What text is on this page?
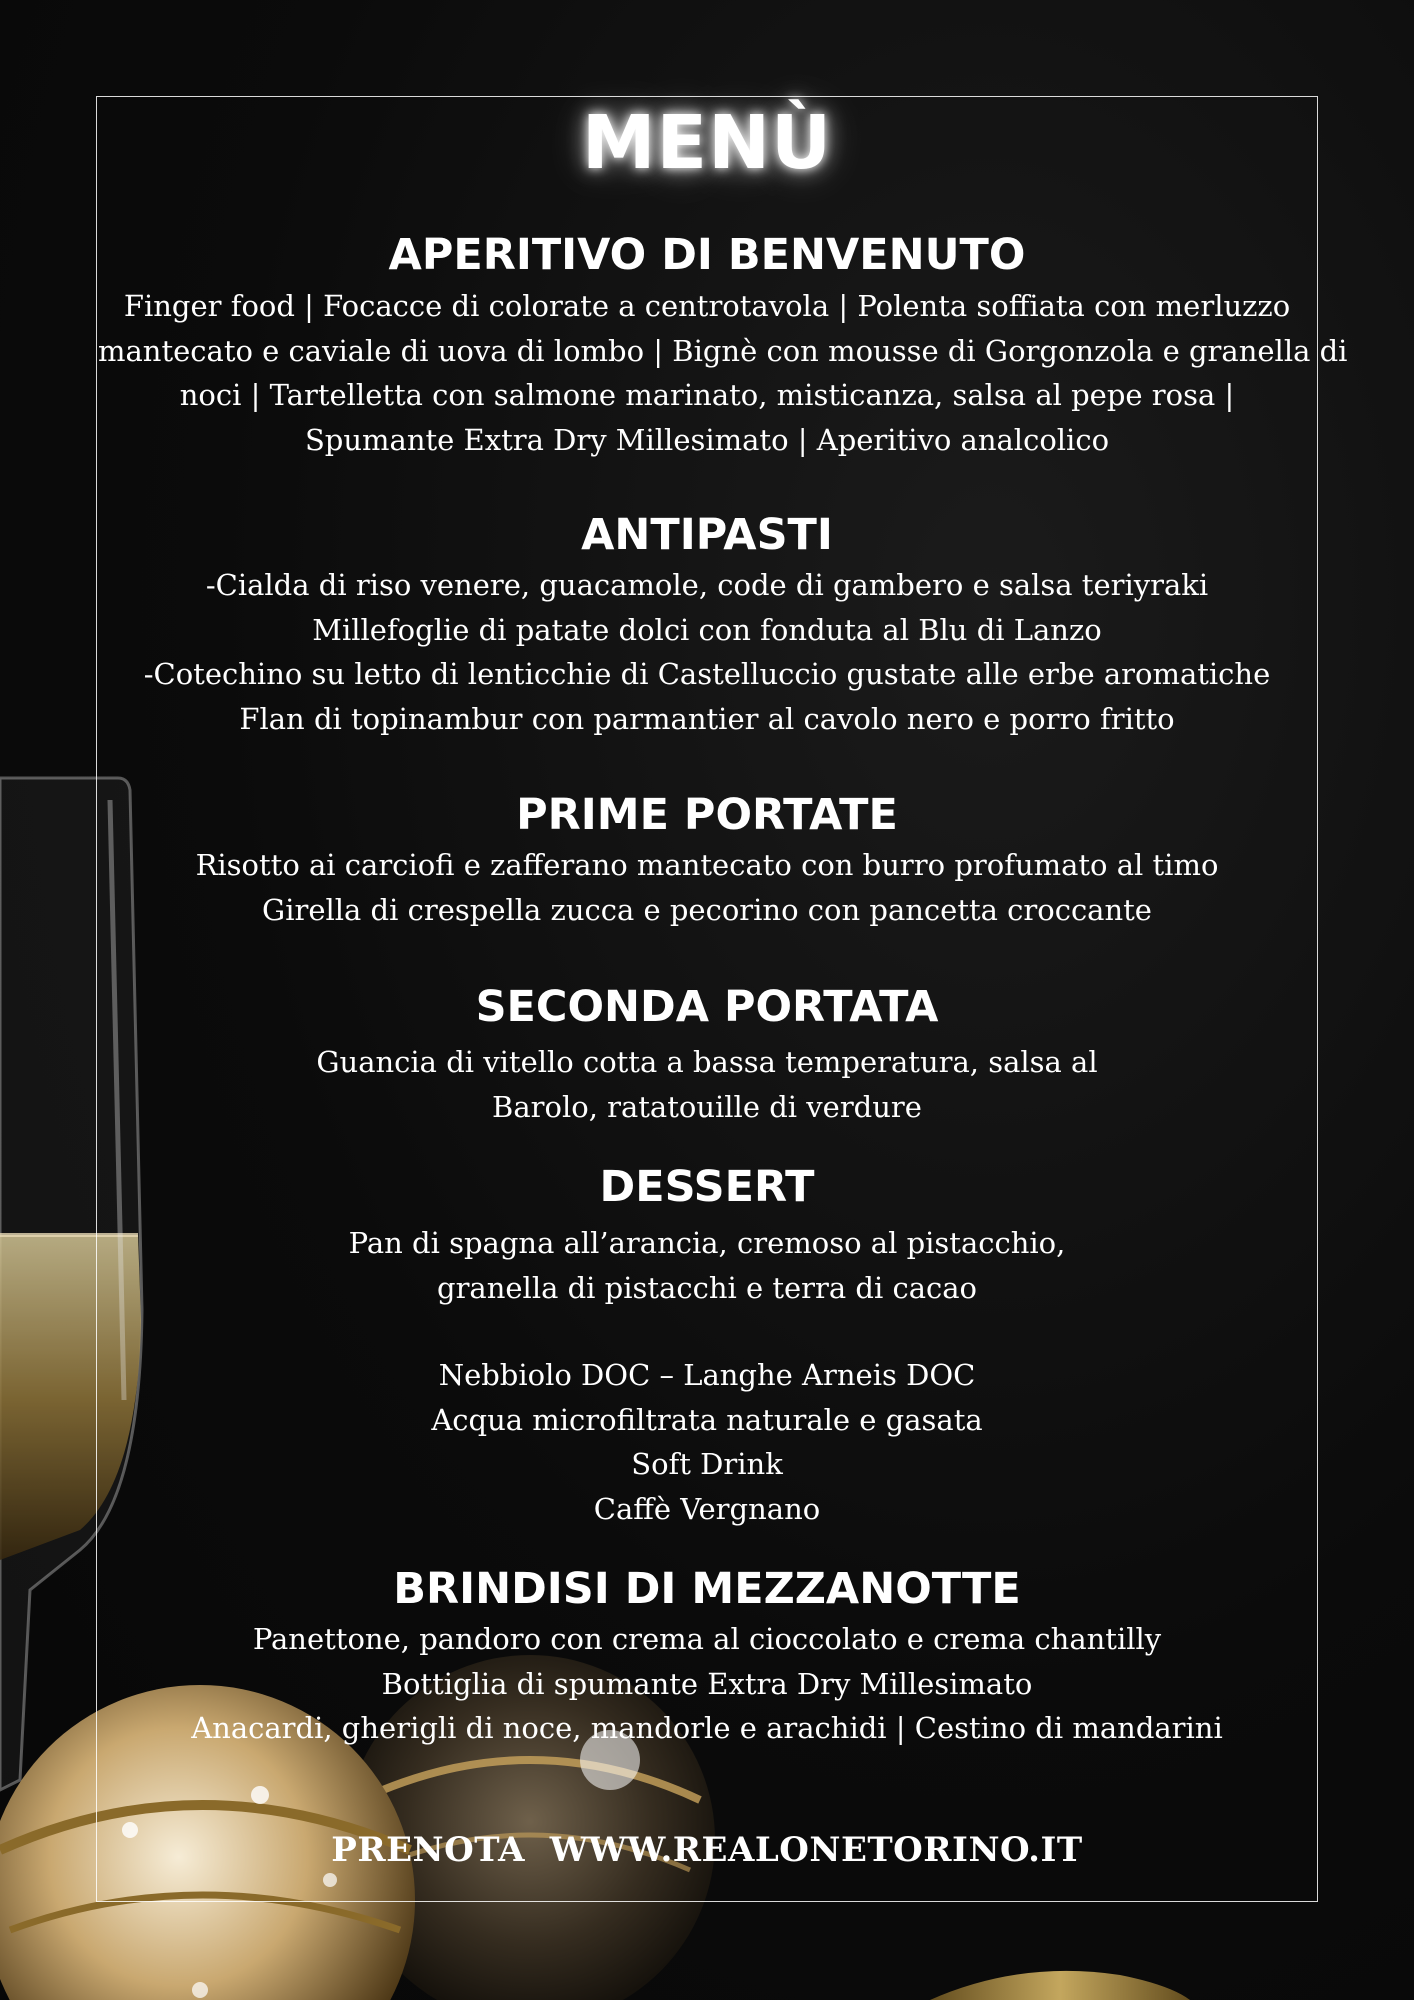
MENÙ
APERITIVO DI BENVENUTO
Finger food | Focacce di colorate a centrotavola | Polenta soffiata con merluzzo
mantecato e caviale di uova di lombo | Bignè con mousse di Gorgonzola e granella di
noci | Tartelletta con salmone marinato, misticanza, salsa al pepe rosa |
Spumante Extra Dry Millesimato | Aperitivo analcolico
ANTIPASTI
-Cialda di riso venere, guacamole, code di gambero e salsa teriyraki
Millefoglie di patate dolci con fonduta al Blu di Lanzo
-Cotechino su letto di lenticchie di Castelluccio gustate alle erbe aromatiche
Flan di topinambur con parmantier al cavolo nero e porro fritto
PRIME PORTATE
Risotto ai carciofi e zafferano mantecato con burro profumato al timo
Girella di crespella zucca e pecorino con pancetta croccante
SECONDA PORTATA
Guancia di vitello cotta a bassa temperatura, salsa al
Barolo, ratatouille di verdure
DESSERT
Pan di spagna all’arancia, cremoso al pistacchio,
granella di pistacchi e terra di cacao
Nebbiolo DOC – Langhe Arneis DOC
Acqua microfiltrata naturale e gasata
Soft Drink
Caffè Vergnano
BRINDISI DI MEZZANOTTE
Panettone, pandoro con crema al cioccolato e crema chantilly
Bottiglia di spumante Extra Dry Millesimato
Anacardi, gherigli di noce, mandorle e arachidi | Cestino di mandarini
PRENOTA  WWW.REALONETORINO.IT
